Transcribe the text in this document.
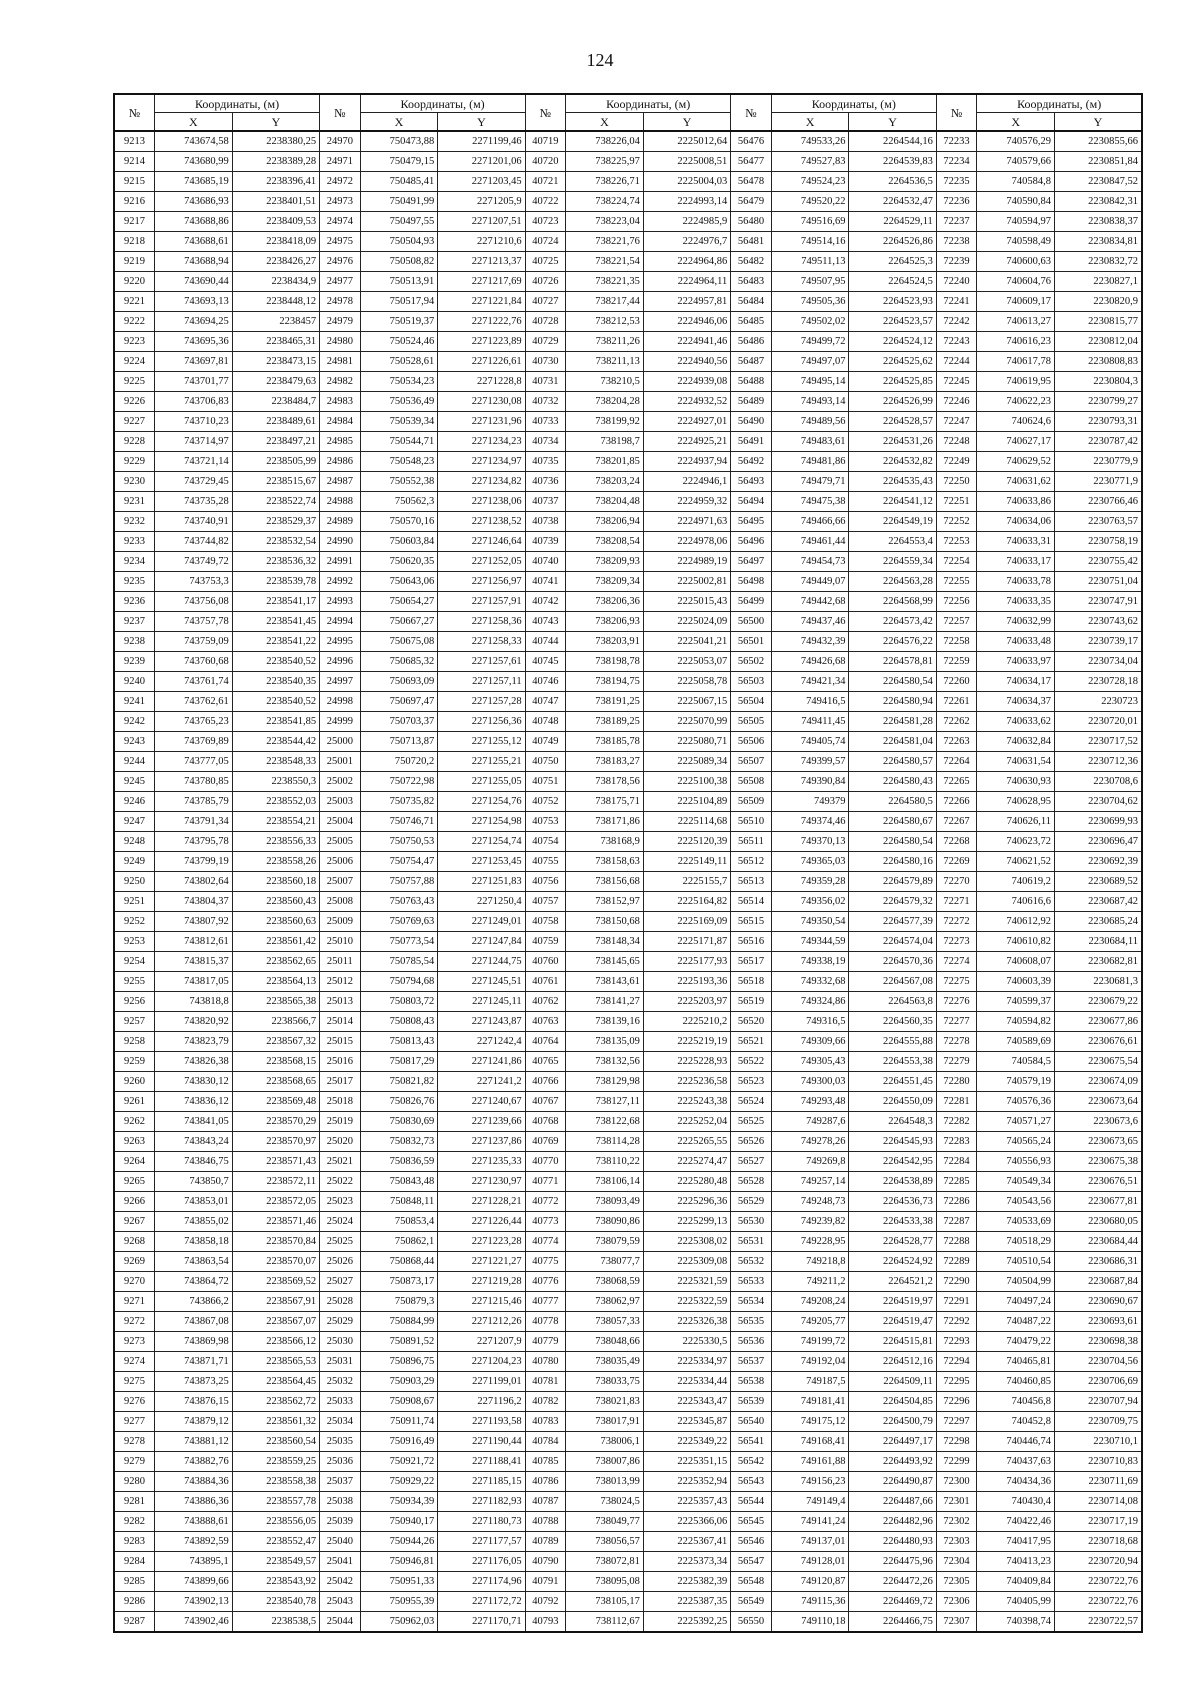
124
№	Координаты, (м)		№	Координаты, (м)		№	Координаты, (м)		№	Координаты, (м)		№	Координаты, (м)	
	X	Y		X	Y		X	Y		X	Y		X	Y
9213	743674,58	2238380,25	24970	750473,88	2271199,46	40719	738226,04	2225012,64	56476	749533,26	2264544,16	72233	740576,29	2230855,66
9214	743680,99	2238389,28	24971	750479,15	2271201,06	40720	738225,97	2225008,51	56477	749527,83	2264539,83	72234	740579,66	2230851,84
9215	743685,19	2238396,41	24972	750485,41	2271203,45	40721	738226,71	2225004,03	56478	749524,23	2264536,5	72235	740584,8	2230847,52
9216	743686,93	2238401,51	24973	750491,99	2271205,9	40722	738224,74	2224993,14	56479	749520,22	2264532,47	72236	740590,84	2230842,31
9217	743688,86	2238409,53	24974	750497,55	2271207,51	40723	738223,04	2224985,9	56480	749516,69	2264529,11	72237	740594,97	2230838,37
9218	743688,61	2238418,09	24975	750504,93	2271210,6	40724	738221,76	2224976,7	56481	749514,16	2264526,86	72238	740598,49	2230834,81
9219	743688,94	2238426,27	24976	750508,82	2271213,37	40725	738221,54	2224964,86	56482	749511,13	2264525,3	72239	740600,63	2230832,72
9220	743690,44	2238434,9	24977	750513,91	2271217,69	40726	738221,35	2224964,11	56483	749507,95	2264524,5	72240	740604,76	2230827,1
9221	743693,13	2238448,12	24978	750517,94	2271221,84	40727	738217,44	2224957,81	56484	749505,36	2264523,93	72241	740609,17	2230820,9
9222	743694,25	2238457	24979	750519,37	2271222,76	40728	738212,53	2224946,06	56485	749502,02	2264523,57	72242	740613,27	2230815,77
9223	743695,36	2238465,31	24980	750524,46	2271223,89	40729	738211,26	2224941,46	56486	749499,72	2264524,12	72243	740616,23	2230812,04
9224	743697,81	2238473,15	24981	750528,61	2271226,61	40730	738211,13	2224940,56	56487	749497,07	2264525,62	72244	740617,78	2230808,83
9225	743701,77	2238479,63	24982	750534,23	2271228,8	40731	738210,5	2224939,08	56488	749495,14	2264525,85	72245	740619,95	2230804,3
9226	743706,83	2238484,7	24983	750536,49	2271230,08	40732	738204,28	2224932,52	56489	749493,14	2264526,99	72246	740622,23	2230799,27
9227	743710,23	2238489,61	24984	750539,34	2271231,96	40733	738199,92	2224927,01	56490	749489,56	2264528,57	72247	740624,6	2230793,31
9228	743714,97	2238497,21	24985	750544,71	2271234,23	40734	738198,7	2224925,21	56491	749483,61	2264531,26	72248	740627,17	2230787,42
9229	743721,14	2238505,99	24986	750548,23	2271234,97	40735	738201,85	2224937,94	56492	749481,86	2264532,82	72249	740629,52	2230779,9
9230	743729,45	2238515,67	24987	750552,38	2271234,82	40736	738203,24	2224946,1	56493	749479,71	2264535,43	72250	740631,62	2230771,9
9231	743735,28	2238522,74	24988	750562,3	2271238,06	40737	738204,48	2224959,32	56494	749475,38	2264541,12	72251	740633,86	2230766,46
9232	743740,91	2238529,37	24989	750570,16	2271238,52	40738	738206,94	2224971,63	56495	749466,66	2264549,19	72252	740634,06	2230763,57
9233	743744,82	2238532,54	24990	750603,84	2271246,64	40739	738208,54	2224978,06	56496	749461,44	2264553,4	72253	740633,31	2230758,19
9234	743749,72	2238536,32	24991	750620,35	2271252,05	40740	738209,93	2224989,19	56497	749454,73	2264559,34	72254	740633,17	2230755,42
9235	743753,3	2238539,78	24992	750643,06	2271256,97	40741	738209,34	2225002,81	56498	749449,07	2264563,28	72255	740633,78	2230751,04
9236	743756,08	2238541,17	24993	750654,27	2271257,91	40742	738206,36	2225015,43	56499	749442,68	2264568,99	72256	740633,35	2230747,91
9237	743757,78	2238541,45	24994	750667,27	2271258,36	40743	738206,93	2225024,09	56500	749437,46	2264573,42	72257	740632,99	2230743,62
9238	743759,09	2238541,22	24995	750675,08	2271258,33	40744	738203,91	2225041,21	56501	749432,39	2264576,22	72258	740633,48	2230739,17
9239	743760,68	2238540,52	24996	750685,32	2271257,61	40745	738198,78	2225053,07	56502	749426,68	2264578,81	72259	740633,97	2230734,04
9240	743761,74	2238540,35	24997	750693,09	2271257,11	40746	738194,75	2225058,78	56503	749421,34	2264580,54	72260	740634,17	2230728,18
9241	743762,61	2238540,52	24998	750697,47	2271257,28	40747	738191,25	2225067,15	56504	749416,5	2264580,94	72261	740634,37	2230723
9242	743765,23	2238541,85	24999	750703,37	2271256,36	40748	738189,25	2225070,99	56505	749411,45	2264581,28	72262	740633,62	2230720,01
9243	743769,89	2238544,42	25000	750713,87	2271255,12	40749	738185,78	2225080,71	56506	749405,74	2264581,04	72263	740632,84	2230717,52
9244	743777,05	2238548,33	25001	750720,2	2271255,21	40750	738183,27	2225089,34	56507	749399,57	2264580,57	72264	740631,54	2230712,36
9245	743780,85	2238550,3	25002	750722,98	2271255,05	40751	738178,56	2225100,38	56508	749390,84	2264580,43	72265	740630,93	2230708,6
9246	743785,79	2238552,03	25003	750735,82	2271254,76	40752	738175,71	2225104,89	56509	749379	2264580,5	72266	740628,95	2230704,62
9247	743791,34	2238554,21	25004	750746,71	2271254,98	40753	738171,86	2225114,68	56510	749374,46	2264580,67	72267	740626,11	2230699,93
9248	743795,78	2238556,33	25005	750750,53	2271254,74	40754	738168,9	2225120,39	56511	749370,13	2264580,54	72268	740623,72	2230696,47
9249	743799,19	2238558,26	25006	750754,47	2271253,45	40755	738158,63	2225149,11	56512	749365,03	2264580,16	72269	740621,52	2230692,39
9250	743802,64	2238560,18	25007	750757,88	2271251,83	40756	738156,68	2225155,7	56513	749359,28	2264579,89	72270	740619,2	2230689,52
9251	743804,37	2238560,43	25008	750763,43	2271250,4	40757	738152,97	2225164,82	56514	749356,02	2264579,32	72271	740616,6	2230687,42
9252	743807,92	2238560,63	25009	750769,63	2271249,01	40758	738150,68	2225169,09	56515	749350,54	2264577,39	72272	740612,92	2230685,24
9253	743812,61	2238561,42	25010	750773,54	2271247,84	40759	738148,34	2225171,87	56516	749344,59	2264574,04	72273	740610,82	2230684,11
9254	743815,37	2238562,65	25011	750785,54	2271244,75	40760	738145,65	2225177,93	56517	749338,19	2264570,36	72274	740608,07	2230682,81
9255	743817,05	2238564,13	25012	750794,68	2271245,51	40761	738143,61	2225193,36	56518	749332,68	2264567,08	72275	740603,39	2230681,3
9256	743818,8	2238565,38	25013	750803,72	2271245,11	40762	738141,27	2225203,97	56519	749324,86	2264563,8	72276	740599,37	2230679,22
9257	743820,92	2238566,7	25014	750808,43	2271243,87	40763	738139,16	2225210,2	56520	749316,5	2264560,35	72277	740594,82	2230677,86
9258	743823,79	2238567,32	25015	750813,43	2271242,4	40764	738135,09	2225219,19	56521	749309,66	2264555,88	72278	740589,69	2230676,61
9259	743826,38	2238568,15	25016	750817,29	2271241,86	40765	738132,56	2225228,93	56522	749305,43	2264553,38	72279	740584,5	2230675,54
9260	743830,12	2238568,65	25017	750821,82	2271241,2	40766	738129,98	2225236,58	56523	749300,03	2264551,45	72280	740579,19	2230674,09
9261	743836,12	2238569,48	25018	750826,76	2271240,67	40767	738127,11	2225243,38	56524	749293,48	2264550,09	72281	740576,36	2230673,64
9262	743841,05	2238570,29	25019	750830,69	2271239,66	40768	738122,68	2225252,04	56525	749287,6	2264548,3	72282	740571,27	2230673,6
9263	743843,24	2238570,97	25020	750832,73	2271237,86	40769	738114,28	2225265,55	56526	749278,26	2264545,93	72283	740565,24	2230673,65
9264	743846,75	2238571,43	25021	750836,59	2271235,33	40770	738110,22	2225274,47	56527	749269,8	2264542,95	72284	740556,93	2230675,38
9265	743850,7	2238572,11	25022	750843,48	2271230,97	40771	738106,14	2225280,48	56528	749257,14	2264538,89	72285	740549,34	2230676,51
9266	743853,01	2238572,05	25023	750848,11	2271228,21	40772	738093,49	2225296,36	56529	749248,73	2264536,73	72286	740543,56	2230677,81
9267	743855,02	2238571,46	25024	750853,4	2271226,44	40773	738090,86	2225299,13	56530	749239,82	2264533,38	72287	740533,69	2230680,05
9268	743858,18	2238570,84	25025	750862,1	2271223,28	40774	738079,59	2225308,02	56531	749228,95	2264528,77	72288	740518,29	2230684,44
9269	743863,54	2238570,07	25026	750868,44	2271221,27	40775	738077,7	2225309,08	56532	749218,8	2264524,92	72289	740510,54	2230686,31
9270	743864,72	2238569,52	25027	750873,17	2271219,28	40776	738068,59	2225321,59	56533	749211,2	2264521,2	72290	740504,99	2230687,84
9271	743866,2	2238567,91	25028	750879,3	2271215,46	40777	738062,97	2225322,59	56534	749208,24	2264519,97	72291	740497,24	2230690,67
9272	743867,08	2238567,07	25029	750884,99	2271212,26	40778	738057,33	2225326,38	56535	749205,77	2264519,47	72292	740487,22	2230693,61
9273	743869,98	2238566,12	25030	750891,52	2271207,9	40779	738048,66	2225330,5	56536	749199,72	2264515,81	72293	740479,22	2230698,38
9274	743871,71	2238565,53	25031	750896,75	2271204,23	40780	738035,49	2225334,97	56537	749192,04	2264512,16	72294	740465,81	2230704,56
9275	743873,25	2238564,45	25032	750903,29	2271199,01	40781	738033,75	2225334,44	56538	749187,5	2264509,11	72295	740460,85	2230706,69
9276	743876,15	2238562,72	25033	750908,67	2271196,2	40782	738021,83	2225343,47	56539	749181,41	2264504,85	72296	740456,8	2230707,94
9277	743879,12	2238561,32	25034	750911,74	2271193,58	40783	738017,91	2225345,87	56540	749175,12	2264500,79	72297	740452,8	2230709,75
9278	743881,12	2238560,54	25035	750916,49	2271190,44	40784	738006,1	2225349,22	56541	749168,41	2264497,17	72298	740446,74	2230710,1
9279	743882,76	2238559,25	25036	750921,72	2271188,41	40785	738007,86	2225351,15	56542	749161,88	2264493,92	72299	740437,63	2230710,83
9280	743884,36	2238558,38	25037	750929,22	2271185,15	40786	738013,99	2225352,94	56543	749156,23	2264490,87	72300	740434,36	2230711,69
9281	743886,36	2238557,78	25038	750934,39	2271182,93	40787	738024,5	2225357,43	56544	749149,4	2264487,66	72301	740430,4	2230714,08
9282	743888,61	2238556,05	25039	750940,17	2271180,73	40788	738049,77	2225366,06	56545	749141,24	2264482,96	72302	740422,46	2230717,19
9283	743892,59	2238552,47	25040	750944,26	2271177,57	40789	738056,57	2225367,41	56546	749137,01	2264480,93	72303	740417,95	2230718,68
9284	743895,1	2238549,57	25041	750946,81	2271176,05	40790	738072,81	2225373,34	56547	749128,01	2264475,96	72304	740413,23	2230720,94
9285	743899,66	2238543,92	25042	750951,33	2271174,96	40791	738095,08	2225382,39	56548	749120,87	2264472,26	72305	740409,84	2230722,76
9286	743902,13	2238540,78	25043	750955,39	2271172,72	40792	738105,17	2225387,35	56549	749115,36	2264469,72	72306	740405,99	2230722,76
9287	743902,46	2238538,5	25044	750962,03	2271170,71	40793	738112,67	2225392,25	56550	749110,18	2264466,75	72307	740398,74	2230722,57
